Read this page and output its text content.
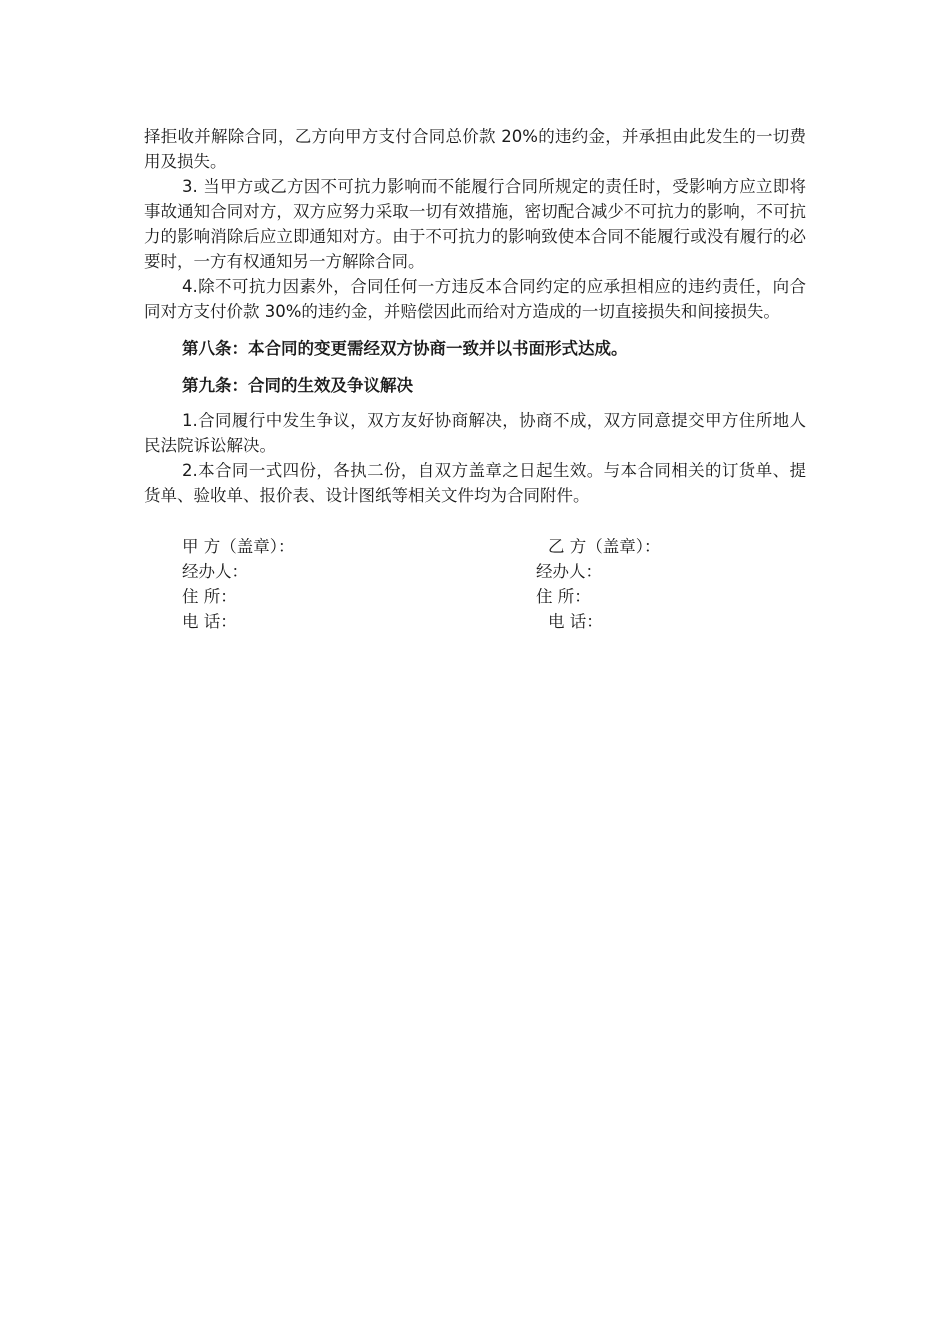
择拒收并解除合同，乙方向甲方支付合同总价款 20%的违约金，并承担由此发生的一切费用及损失。

3. 当甲方或乙方因不可抗力影响而不能履行合同所规定的责任时，受影响方应立即将事故通知合同对方，双方应努力采取一切有效措施，密切配合减少不可抗力的影响，不可抗力的影响消除后应立即通知对方。由于不可抗力的影响致使本合同不能履行或没有履行的必要时，一方有权通知另一方解除合同。

4.除不可抗力因素外，合同任何一方违反本合同约定的应承担相应的违约责任，向合同对方支付价款 30%的违约金，并赔偿因此而给对方造成的一切直接损失和间接损失。

第八条：本合同的变更需经双方协商一致并以书面形式达成。

第九条：合同的生效及争议解决

1.合同履行中发生争议，双方友好协商解决，协商不成，双方同意提交甲方住所地人民法院诉讼解决。

2.本合同一式四份，各执二份，自双方盖章之日起生效。与本合同相关的订货单、提货单、验收单、报价表、设计图纸等相关文件均为合同附件。

甲 方（盖章）：	乙 方（盖章）：
经办人：	经办人：
住 所：	住 所：
电 话：	电 话：
